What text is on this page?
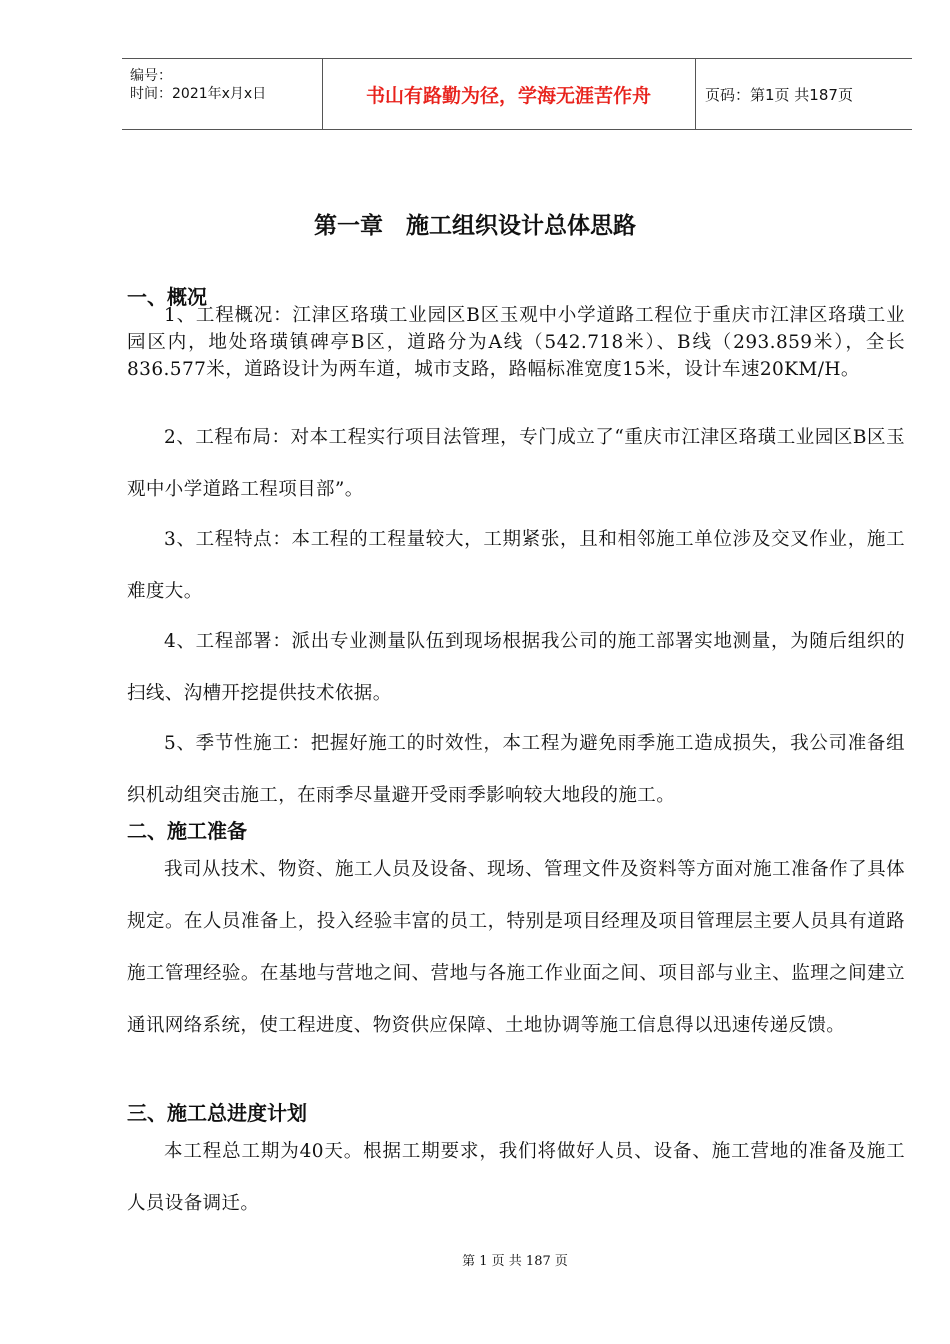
编号：
时间：2021年x月x日	书山有路勤为径，学海无涯苦作舟	页码：第1页 共187页
第一章　施工组织设计总体思路
一、概况

1、工程概况：江津区珞璜工业园区B区玉观中小学道路工程位于重庆市江津区珞璜工业园区内，地处珞璜镇碑亭B区，道路分为A线（542.718米）、B线（293.859米），全长836.577米，道路设计为两车道，城市支路，路幅标准宽度15米，设计车速20KM/H。

2、工程布局：对本工程实行项目法管理，专门成立了“重庆市江津区珞璜工业园区B区玉观中小学道路工程项目部”。

3、工程特点：本工程的工程量较大，工期紧张，且和相邻施工单位涉及交叉作业，施工难度大。

4、工程部署：派出专业测量队伍到现场根据我公司的施工部署实地测量，为随后组织的扫线、沟槽开挖提供技术依据。

5、季节性施工：把握好施工的时效性，本工程为避免雨季施工造成损失，我公司准备组织机动组突击施工，在雨季尽量避开受雨季影响较大地段的施工。

二、施工准备

我司从技术、物资、施工人员及设备、现场、管理文件及资料等方面对施工准备作了具体规定。在人员准备上，投入经验丰富的员工，特别是项目经理及项目管理层主要人员具有道路施工管理经验。在基地与营地之间、营地与各施工作业面之间、项目部与业主、监理之间建立通讯网络系统，使工程进度、物资供应保障、土地协调等施工信息得以迅速传递反馈。

三、施工总进度计划

本工程总工期为40天。根据工期要求，我们将做好人员、设备、施工营地的准备及施工人员设备调迁。

第 1 页 共 187 页
